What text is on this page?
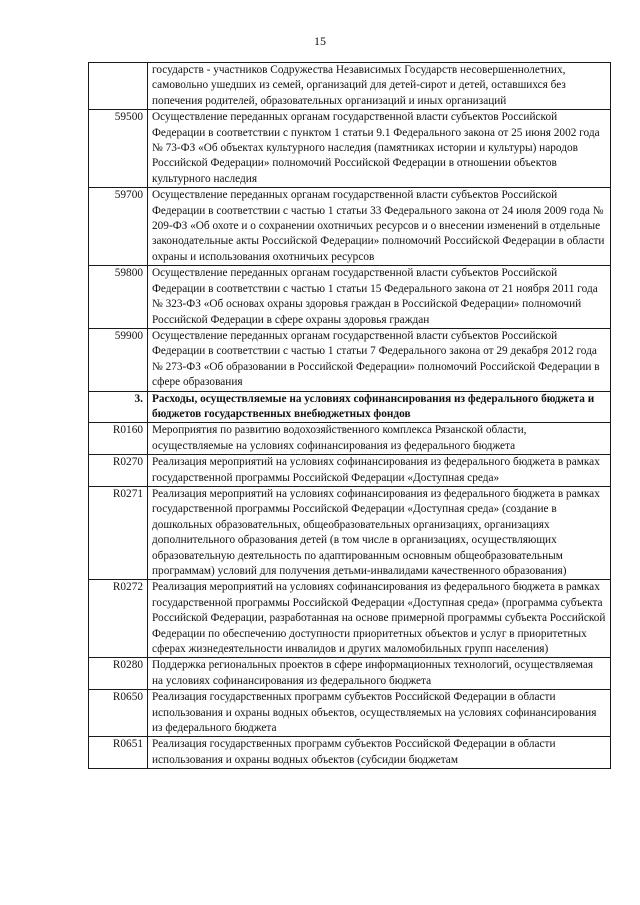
15
	государств - участников Содружества Независимых Государств несовершеннолетних, самовольно ушедших из семей, организаций для детей-сирот и детей, оставшихся без попечения родителей, образовательных организаций и иных организаций
59500	Осуществление переданных органам государственной власти субъектов Российской Федерации в соответствии с пунктом 1 статьи 9.1 Федерального закона от 25 июня 2002 года № 73-ФЗ «Об объектах культурного наследия (памятниках истории и культуры) народов Российской Федерации» полномочий Российской Федерации в отношении объектов культурного наследия
59700	Осуществление переданных органам государственной власти субъектов Российской Федерации в соответствии с частью 1 статьи 33 Федерального закона от 24 июля 2009 года № 209-ФЗ «Об охоте и о сохранении охотничьих ресурсов и о внесении изменений в отдельные законодательные акты Российской Федерации» полномочий Российской Федерации в области охраны и использования охотничьих ресурсов
59800	Осуществление переданных органам государственной власти субъектов Российской Федерации в соответствии с частью 1 статьи 15 Федерального закона от 21 ноября 2011 года № 323-ФЗ «Об основах охраны здоровья граждан в Российской Федерации» полномочий Российской Федерации в сфере охраны здоровья граждан
59900	Осуществление переданных органам государственной власти субъектов Российской Федерации в соответствии с частью 1 статьи 7 Федерального закона от 29 декабря 2012 года № 273-ФЗ «Об образовании в Российской Федерации» полномочий Российской Федерации в сфере образования
3.	Расходы, осуществляемые на условиях софинансирования из федерального бюджета и бюджетов государственных внебюджетных фондов
R0160	Мероприятия по развитию водохозяйственного комплекса Рязанской области, осуществляемые на условиях софинансирования из федерального бюджета
R0270	Реализация мероприятий на условиях софинансирования из федерального бюджета в рамках государственной программы Российской Федерации «Доступная среда»
R0271	Реализация мероприятий на условиях софинансирования из федерального бюджета в рамках государственной программы Российской Федерации «Доступная среда» (создание в дошкольных образовательных, общеобразовательных организациях, организациях дополнительного образования детей (в том числе в организациях, осуществляющих образовательную деятельность по адаптированным основным общеобразовательным программам) условий для получения детьми-инвалидами качественного образования)
R0272	Реализация мероприятий на условиях софинансирования из федерального бюджета в рамках государственной программы Российской Федерации «Доступная среда» (программа субъекта Российской Федерации, разработанная на основе примерной программы субъекта Российской Федерации по обеспечению доступности приоритетных объектов и услуг в приоритетных сферах жизнедеятельности инвалидов и других маломобильных групп населения)
R0280	Поддержка региональных проектов в сфере информационных технологий, осуществляемая на условиях софинансирования из федерального бюджета
R0650	Реализация государственных программ субъектов Российской Федерации в области использования и охраны водных объектов, осуществляемых на условиях софинансирования из федерального бюджета
R0651	Реализация государственных программ субъектов Российской Федерации в области использования и охраны водных объектов (субсидии бюджетам
